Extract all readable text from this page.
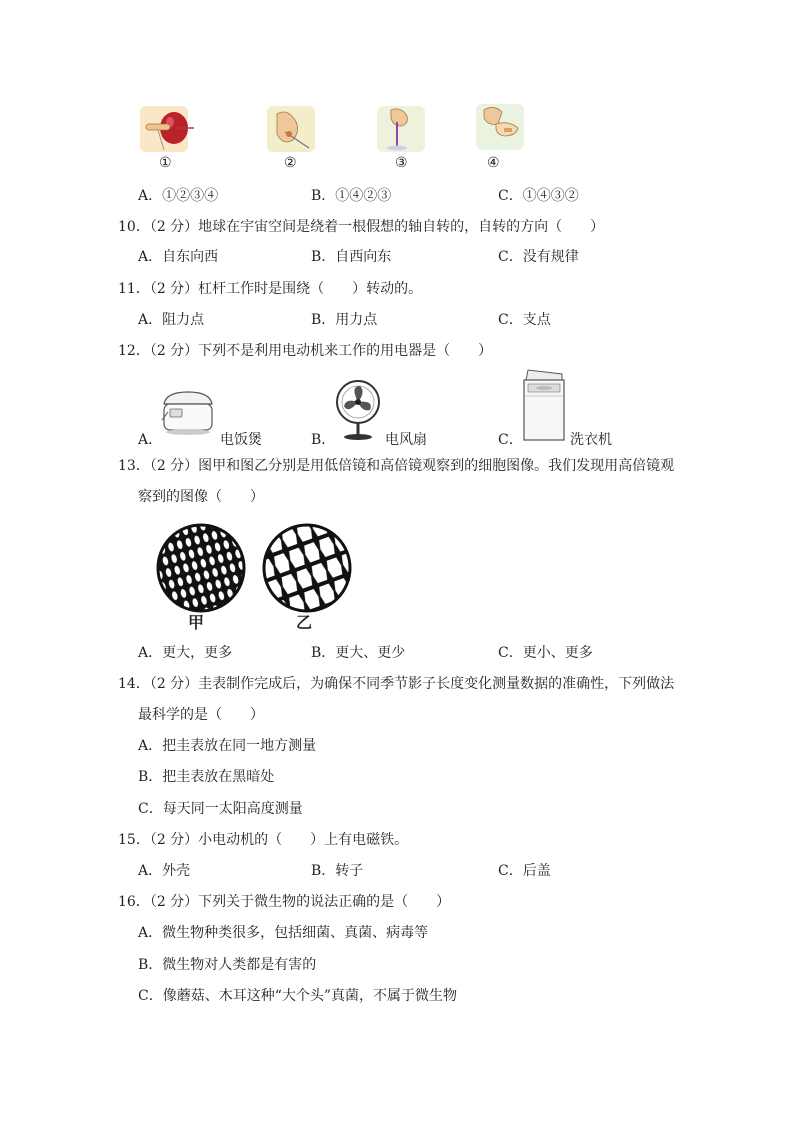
①	②	③	④
A．①②③④	B．①④②③	C．①④③②
10．（2 分）地球在宇宙空间是绕着一根假想的轴自转的，自转的方向（　　）
A．自东向西	B．自西向东	C．没有规律
11．（2 分）杠杆工作时是围绕（　　）转动的。
A．阻力点	B．用力点	C．支点
12．（2 分）下列不是利用电动机来工作的用电器是（　　）
A．	电饭煲	B．	电风扇	C．	洗衣机
13．（2 分）图甲和图乙分别是用低倍镜和高倍镜观察到的细胞图像。我们发现用高倍镜观
察到的图像（　　）
甲	乙
A．更大，更多	B．更大、更少	C．更小、更多
14．（2 分）圭表制作完成后，为确保不同季节影子长度变化测量数据的准确性，下列做法
最科学的是（　　）
A．把圭表放在同一地方测量
B．把圭表放在黑暗处
C．每天同一太阳高度测量
15．（2 分）小电动机的（　　）上有电磁铁。
A．外壳	B．转子	C．后盖
16．（2 分）下列关于微生物的说法正确的是（　　）
A．微生物种类很多，包括细菌、真菌、病毒等
B．微生物对人类都是有害的
C．像蘑菇、木耳这种“大个头”真菌，不属于微生物
